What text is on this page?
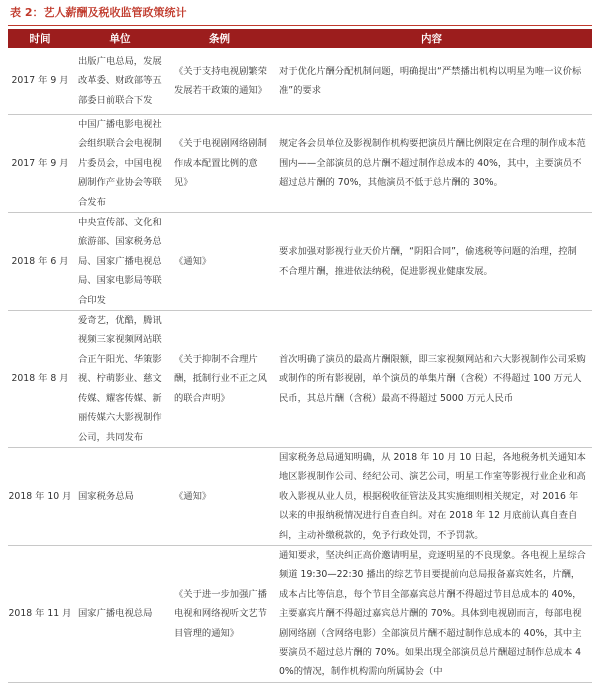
表 2：艺人薪酬及税收监管政策统计
时间	单位	条例	内容
2017 年 9 月	出版广电总局，发展改革委、财政部等五部委日前联合下发	《关于支持电视剧繁荣发展若干政策的通知》	对于优化片酬分配机制问题，明确提出“严禁播出机构以明星为唯一议价标准”的要求

2017 年 9 月	中国广播电影电视社会组织联合会电视制片委员会，中国电视剧制作产业协会等联合发布	《关于电视剧网络剧制作成本配置比例的意见》	规定各会员单位及影视制作机构要把演员片酬比例限定在合理的制作成本范围内——全部演员的总片酬不超过制作总成本的 40%，其中，主要演员不超过总片酬的 70%，其他演员不低于总片酬的 30%。

2018 年 6 月	中央宣传部、文化和旅游部、国家税务总局、国家广播电视总局、国家电影局等联合印发	《通知》	要求加强对影视行业天价片酬，“阴阳合同”，偷逃税等问题的治理，控制不合理片酬，推进依法纳税，促进影视业健康发展。

2018 年 8 月	爱奇艺，优酷，腾讯视频三家视频网站联合正午阳光、华策影视、柠萌影业、慈文传媒、耀客传媒、新丽传媒六大影视制作公司，共同发布	《关于抑制不合理片酬，抵制行业不正之风的联合声明》	首次明确了演员的最高片酬限额，即三家视频网站和六大影视制作公司采购或制作的所有影视剧，单个演员的单集片酬（含税）不得超过 100 万元人民币，其总片酬（含税）最高不得超过 5000 万元人民币

2018 年 10 月	国家税务总局	《通知》	国家税务总局通知明确，从 2018 年 10 月 10 日起，各地税务机关通知本地区影视制作公司、经纪公司、演艺公司，明星工作室等影视行业企业和高收入影视从业人员，根据税收征管法及其实施细则相关规定，对 2016 年以来的申报纳税情况进行自查自纠。对在 2018 年 12 月底前认真自查自纠，主动补缴税款的，免予行政处罚，不予罚款。

2018 年 11 月	国家广播电视总局	《关于进一步加强广播电视和网络视听文艺节目管理的通知》	通知要求，坚决纠正高价邀请明星，竞逐明星的不良现象。各电视上星综合频道 19:30—22:30 播出的综艺节目要提前向总局报备嘉宾姓名，片酬，成本占比等信息，每个节目全部嘉宾总片酬不得超过节目总成本的 40%，主要嘉宾片酬不得超过嘉宾总片酬的 70%。具体到电视剧而言，每部电视剧网络剧（含网络电影）全部演员片酬不超过制作总成本的 40%，其中主要演员不超过总片酬的 70%。如果出现全部演员总片酬超过制作总成本 40%的情况，制作机构需向所属协会（中
